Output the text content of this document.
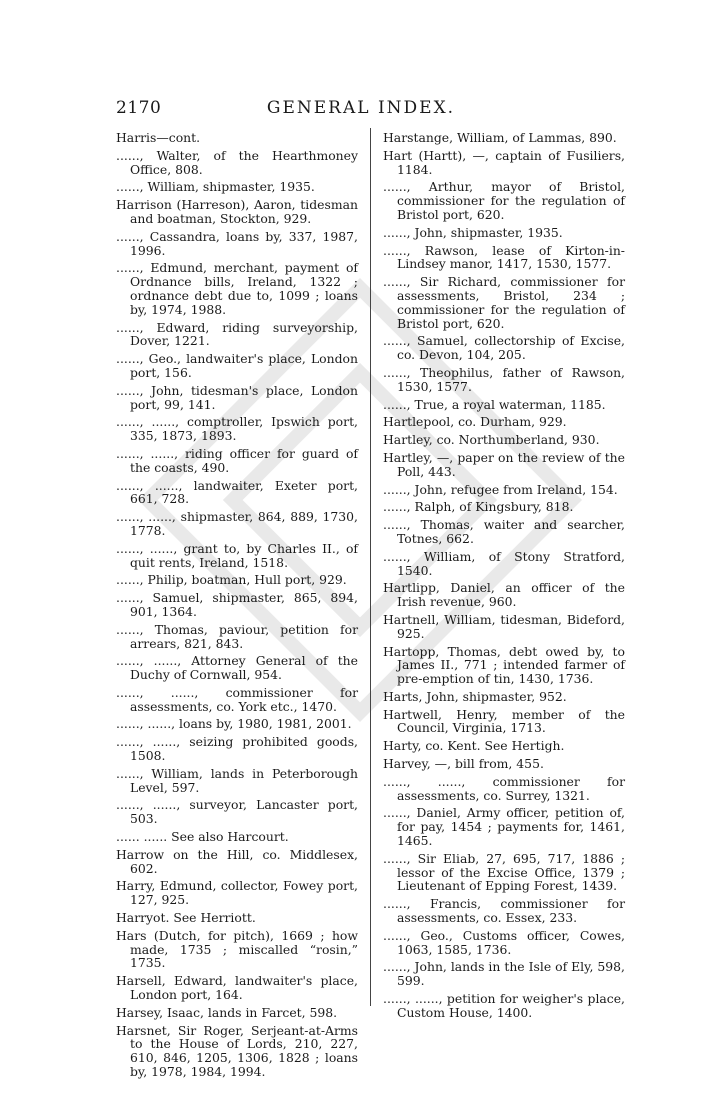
2170	GENERAL INDEX.
Harris—cont.
......, Walter, of the Hearthmoney Office, 808.
......, William, shipmaster, 1935.
Harrison (Harreson), Aaron, tidesman and boatman, Stockton, 929.
......, Cassandra, loans by, 337, 1987, 1996.
......, Edmund, merchant, payment of Ordnance bills, Ireland, 1322 ; ordnance debt due to, 1099 ; loans by, 1974, 1988.
......, Edward, riding surveyorship, Dover, 1221.
......, Geo., landwaiter's place, London port, 156.
......, John, tidesman's place, London port, 99, 141.
......, ......, comptroller, Ipswich port, 335, 1873, 1893.
......, ......, riding officer for guard of the coasts, 490.
......, ......, landwaiter, Exeter port, 661, 728.
......, ......, shipmaster, 864, 889, 1730, 1778.
......, ......, grant to, by Charles II., of quit rents, Ireland, 1518.
......, Philip, boatman, Hull port, 929.
......, Samuel, shipmaster, 865, 894, 901, 1364.
......, Thomas, paviour, petition for arrears, 821, 843.
......, ......, Attorney General of the Duchy of Cornwall, 954.
......, ......, commissioner for assessments, co. York etc., 1470.
......, ......, loans by, 1980, 1981, 2001.
......, ......, seizing prohibited goods, 1508.
......, William, lands in Peterborough Level, 597.
......, ......, surveyor, Lancaster port, 503.
...... ...... See also Harcourt.
Harrow on the Hill, co. Middlesex, 602.
Harry, Edmund, collector, Fowey port, 127, 925.
Harryot. See Herriott.
Hars (Dutch, for pitch), 1669 ; how made, 1735 ; miscalled “rosin,” 1735.
Harsell, Edward, landwaiter's place, London port, 164.
Harsey, Isaac, lands in Farcet, 598.
Harsnet, Sir Roger, Serjeant-at-Arms to the House of Lords, 210, 227, 610, 846, 1205, 1306, 1828 ; loans by, 1978, 1984, 1994.
Harstange, William, of Lammas, 890.
Hart (Hartt), —, captain of Fusiliers, 1184.
......, Arthur, mayor of Bristol, commissioner for the regulation of Bristol port, 620.
......, John, shipmaster, 1935.
......, Rawson, lease of Kirton-in-Lindsey manor, 1417, 1530, 1577.
......, Sir Richard, commissioner for assessments, Bristol, 234 ; commissioner for the regulation of Bristol port, 620.
......, Samuel, collectorship of Excise, co. Devon, 104, 205.
......, Theophilus, father of Rawson, 1530, 1577.
......, True, a royal waterman, 1185.
Hartlepool, co. Durham, 929.
Hartley, co. Northumberland, 930.
Hartley, —, paper on the review of the Poll, 443.
......, John, refugee from Ireland, 154.
......, Ralph, of Kingsbury, 818.
......, Thomas, waiter and searcher, Totnes, 662.
......, William, of Stony Stratford, 1540.
Hartlipp, Daniel, an officer of the Irish revenue, 960.
Hartnell, William, tidesman, Bideford, 925.
Hartopp, Thomas, debt owed by, to James II., 771 ; intended farmer of pre-emption of tin, 1430, 1736.
Harts, John, shipmaster, 952.
Hartwell, Henry, member of the Council, Virginia, 1713.
Harty, co. Kent. See Hertigh.
Harvey, —, bill from, 455.
......, ......, commissioner for assessments, co. Surrey, 1321.
......, Daniel, Army officer, petition of, for pay, 1454 ; payments for, 1461, 1465.
......, Sir Eliab, 27, 695, 717, 1886 ; lessor of the Excise Office, 1379 ; Lieutenant of Epping Forest, 1439.
......, Francis, commissioner for assessments, co. Essex, 233.
......, Geo., Customs officer, Cowes, 1063, 1585, 1736.
......, John, lands in the Isle of Ely, 598, 599.
......, ......, petition for weigher's place, Custom House, 1400.
